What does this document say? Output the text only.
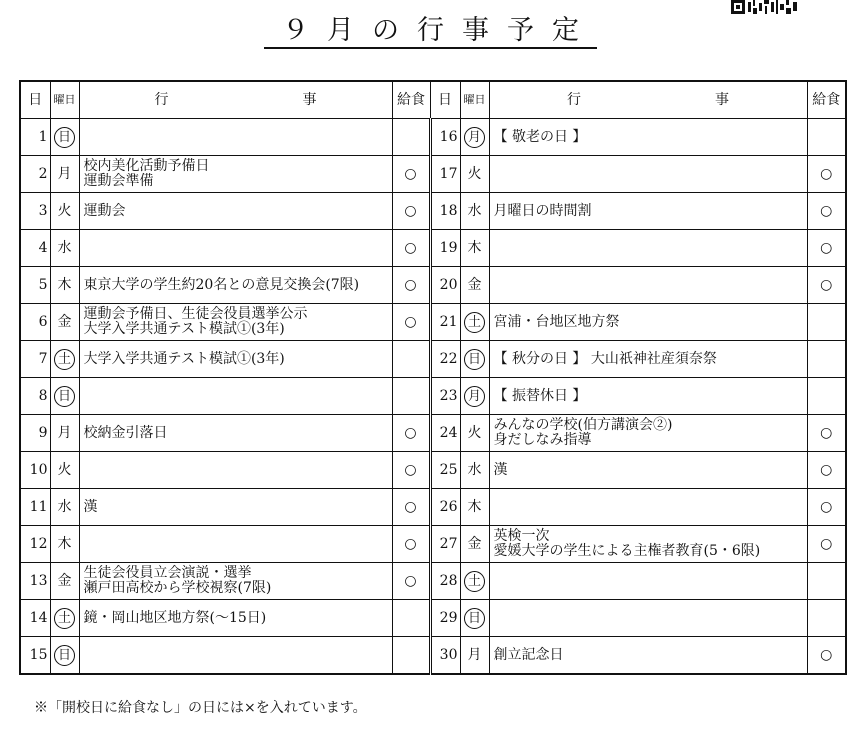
９月の行事予定
日	曜日	行　事	給食	日	曜日	行　事	給食
1	日			16	月	【 敬老の日 】	

2	月	校内美化活動予備日
運動会準備	○	17	火		○
3	火	運動会	○	18	水	月曜日の時間割	○
4	水		○	19	木		○
5	木	東京大学の学生約20名との意見交換会(7限)	○	20	金		○
6	金	運動会予備日、生徒会役員選挙公示
大学入学共通テスト模試①(3年)	○	21	土	宮浦・台地区地方祭	

7	土	大学入学共通テスト模試①(3年)		22	日	【 秋分の日 】 大山祇神社産須奈祭	

8	日			23	月	【 振替休日 】	

9	月	校納金引落日	○	24	火	みんなの学校(伯方講演会②)
身だしなみ指導	○
10	火		○	25	水	漢	○
11	水	漢	○	26	木		○
12	木		○	27	金	英検一次
愛媛大学の学生による主権者教育(5・6限)	○
13	金	生徒会役員立会演説・選挙
瀬戸田高校から学校視察(7限)	○	28	土	

14	土	鏡・岡山地区地方祭(～15日)		29	日	

15	日			30	月	創立記念日	○
※「開校日に給食なし」の日には×を入れています。
